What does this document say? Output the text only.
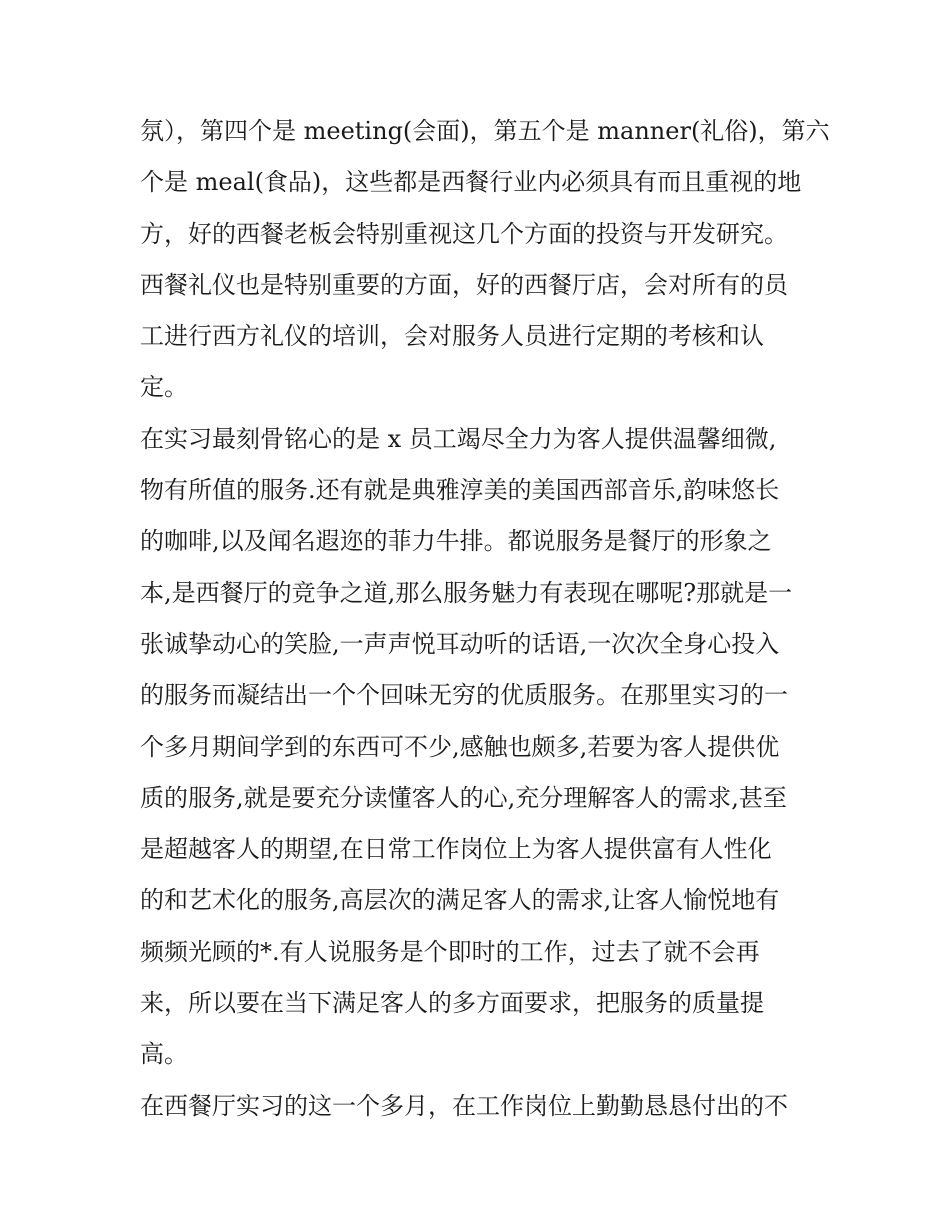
氛），第四个是 meeting(会面)，第五个是 manner(礼俗)，第六
个是 meal(食品)，这些都是西餐行业内必须具有而且重视的地
方，好的西餐老板会特别重视这几个方面的投资与开发研究。
西餐礼仪也是特别重要的方面，好的西餐厅店，会对所有的员
工进行西方礼仪的培训，会对服务人员进行定期的考核和认
定。
在实习最刻骨铭心的是 x 员工竭尽全力为客人提供温馨细微,
物有所值的服务.还有就是典雅淳美的美国西部音乐,韵味悠长
的咖啡,以及闻名遐迩的菲力牛排。都说服务是餐厅的形象之
本,是西餐厅的竞争之道,那么服务魅力有表现在哪呢?那就是一
张诚挚动心的笑脸,一声声悦耳动听的话语,一次次全身心投入
的服务而凝结出一个个回味无穷的优质服务。在那里实习的一
个多月期间学到的东西可不少,感触也颇多,若要为客人提供优
质的服务,就是要充分读懂客人的心,充分理解客人的需求,甚至
是超越客人的期望,在日常工作岗位上为客人提供富有人性化
的和艺术化的服务,高层次的满足客人的需求,让客人愉悦地有
频频光顾的*.有人说服务是个即时的工作，过去了就不会再
来，所以要在当下满足客人的多方面要求，把服务的质量提
高。
在西餐厅实习的这一个多月，在工作岗位上勤勤恳恳付出的不
